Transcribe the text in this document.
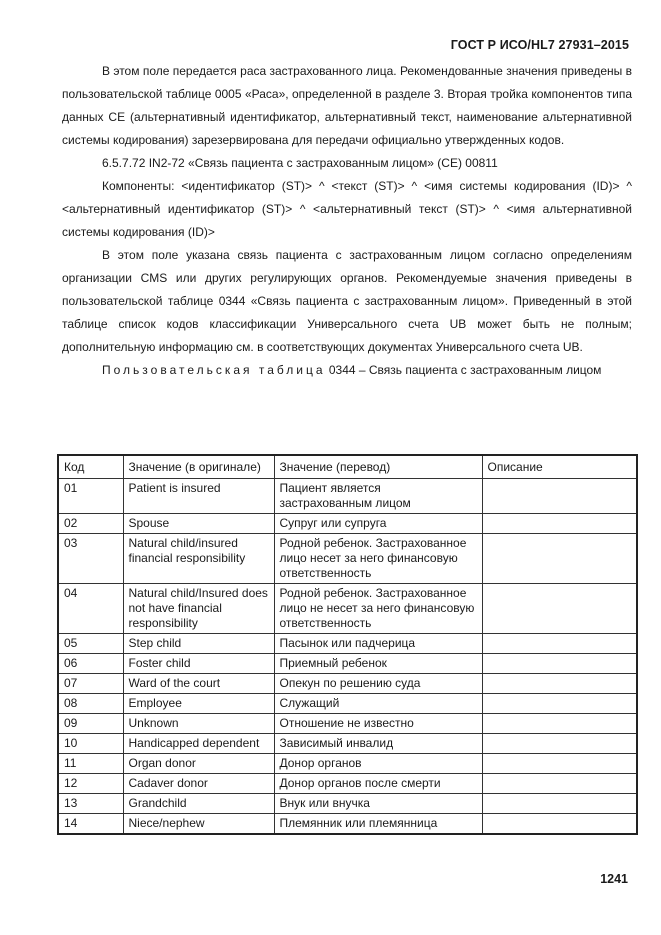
ГОСТ Р ИСО/HL7 27931–2015

В этом поле передается раса застрахованного лица. Рекомендованные значения приведены в пользовательской таблице 0005 «Раса», определенной в разделе 3. Вторая тройка компонентов типа данных CE (альтернативный идентификатор, альтернативный текст, наименование альтернативной системы кодирования) зарезервирована для передачи официально утвержденных кодов.

6.5.7.72 IN2-72 «Связь пациента с застрахованным лицом» (CE) 00811

Компоненты: <идентификатор (ST)> ^ <текст (ST)> ^ <имя системы кодирования (ID)> ^ <альтернативный идентификатор (ST)> ^ <альтернативный текст (ST)> ^ <имя альтернативной системы кодирования (ID)>

В этом поле указана связь пациента с застрахованным лицом согласно определениям организации CMS или других регулирующих органов. Рекомендуемые значения приведены в пользовательской таблице 0344 «Связь пациента с застрахованным лицом». Приведенный в этой таблице список кодов классификации Универсального счета UB может быть не полным; дополнительную информацию см. в соответствующих документах Универсального счета UB.

Пользовательская таблица 0344 – Связь пациента с застрахованным лицом

Код	Значение (в оригинале)	Значение (перевод)	Описание
01	Patient is insured	Пациент является застрахованным лицом	
02	Spouse	Супруг или супруга	
03	Natural child/insured financial responsibility	Родной ребенок. Застрахованное лицо несет за него финансовую ответственность	
04	Natural child/Insured does not have financial responsibility	Родной ребенок. Застрахованное лицо не несет за него финансовую ответственность	
05	Step child	Пасынок или падчерица	
06	Foster child	Приемный ребенок	
07	Ward of the court	Опекун по решению суда	
08	Employee	Служащий	
09	Unknown	Отношение не известно	
10	Handicapped dependent	Зависимый инвалид	
11	Organ donor	Донор органов	
12	Cadaver donor	Донор органов после смерти	
13	Grandchild	Внук или внучка	
14	Niece/nephew	Племянник или племянница	
1241
